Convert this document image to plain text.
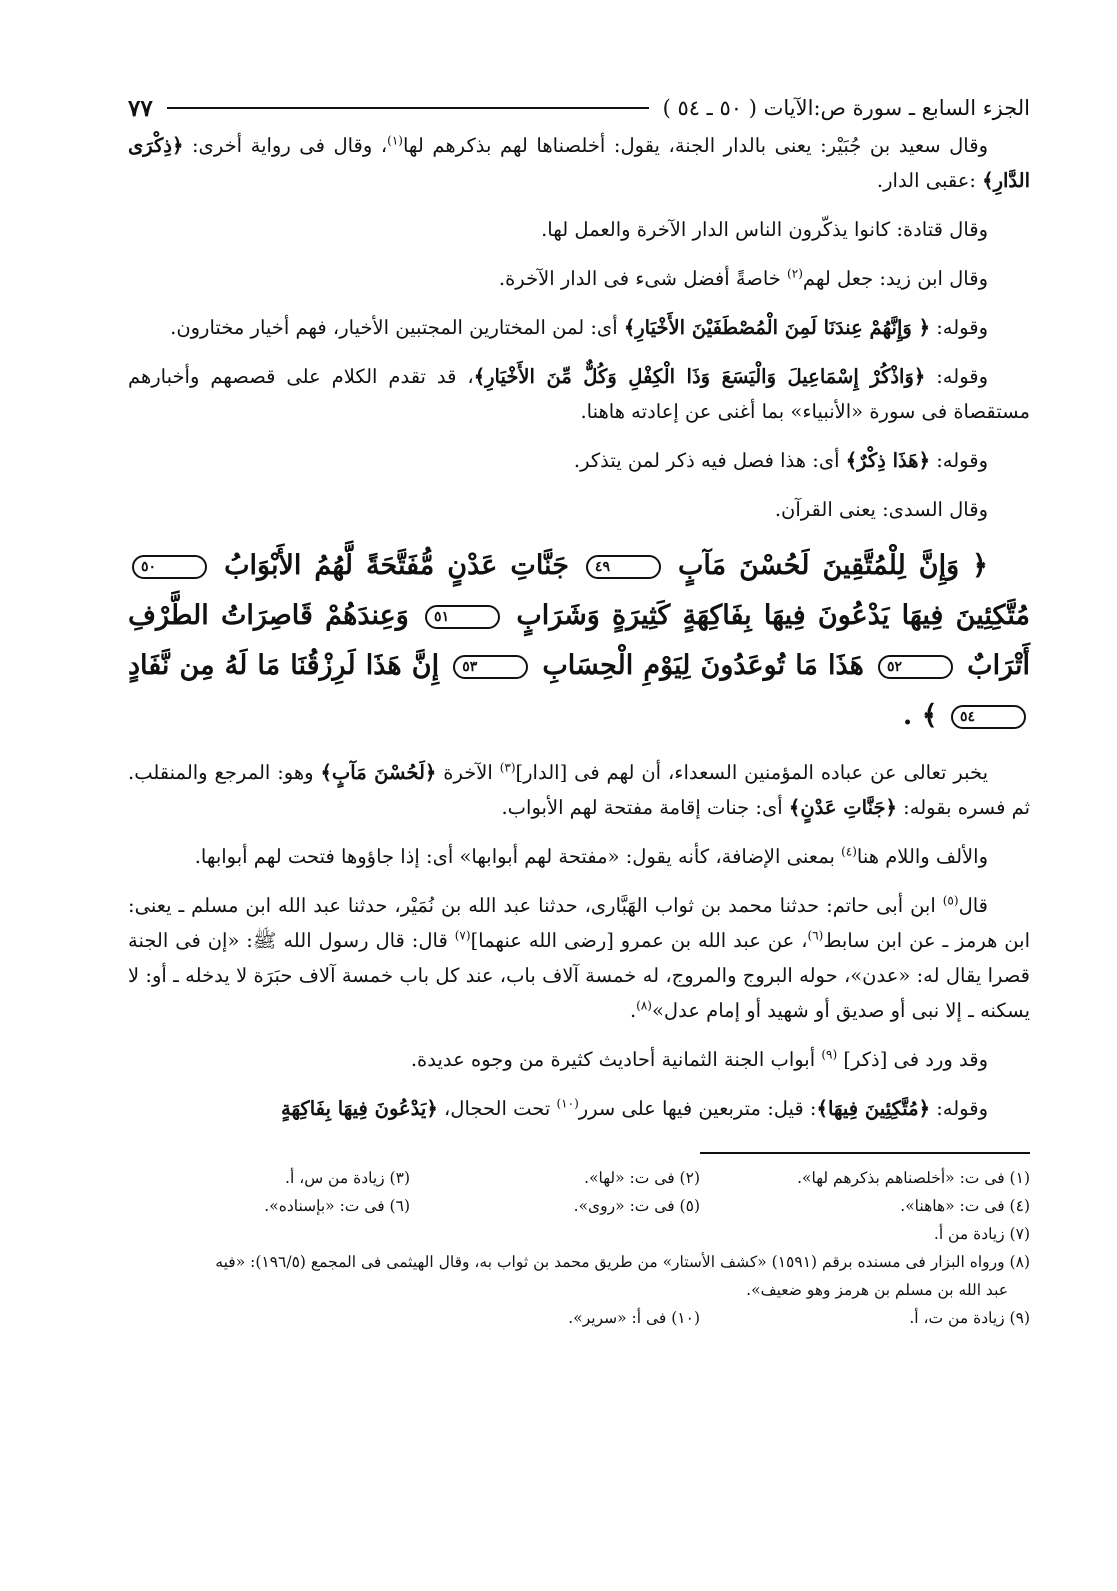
الجزء السابع ـ سورة ص:الآيات ( ٥٠ ـ ٥٤ )
٧٧

وقال سعيد بن جُبَيْر: يعنى بالدار الجنة، يقول: أخلصناها لهم بذكرهم لها$^{(١)}$، وقال فى رواية أخرى: ﴿ذِكْرَى الدَّارِ﴾ :عقبى الدار.

وقال قتادة: كانوا يذكّرون الناس الدار الآخرة والعمل لها.

وقال ابن زيد: جعل لهم$^{(٢)}$ خاصةً أفضل شىء فى الدار الآخرة.

وقوله: ﴿ وَإِنَّهُمْ عِندَنَا لَمِنَ الْمُصْطَفَيْنَ الأَخْيَارِ﴾ أى: لمن المختارين المجتبين الأخيار، فهم أخيار مختارون.

وقوله: ﴿وَاذْكُرْ إِسْمَاعِيلَ وَالْيَسَعَ وَذَا الْكِفْلِ وَكُلٌّ مِّنَ الأَخْيَارِ﴾، قد تقدم الكلام على قصصهم وأخبارهم مستقصاة فى سورة «الأنبياء» بما أغنى عن إعادته هاهنا.

وقوله: ﴿هَذَا ذِكْرٌ﴾ أى: هذا فصل فيه ذكر لمن يتذكر.

وقال السدى: يعنى القرآن.

﴿ وَإِنَّ لِلْمُتَّقِينَ لَحُسْنَ مَآبٍ ٤٩ جَنَّاتِ عَدْنٍ مُّفَتَّحَةً لَّهُمُ الأَبْوَابُ ٥٠ مُتَّكِئِينَ فِيهَا يَدْعُونَ فِيهَا بِفَاكِهَةٍ كَثِيرَةٍ وَشَرَابٍ ٥١ وَعِندَهُمْ قَاصِرَاتُ الطَّرْفِ أَتْرَابٌ ٥٢ هَذَا مَا تُوعَدُونَ لِيَوْمِ الْحِسَابِ ٥٣ إِنَّ هَذَا لَرِزْقُنَا مَا لَهُ مِن نَّفَادٍ ٥٤ ﴾ .

يخبر تعالى عن عباده المؤمنين السعداء، أن لهم فى [الدار]$^{(٣)}$ الآخرة ﴿لَحُسْنَ مَآبٍ﴾ وهو: المرجع والمنقلب. ثم فسره بقوله: ﴿جَنَّاتِ عَدْنٍ﴾ أى: جنات إقامة مفتحة لهم الأبواب.

والألف واللام هنا$^{(٤)}$ بمعنى الإضافة، كأنه يقول: «مفتحة لهم أبوابها» أى: إذا جاؤوها فتحت لهم أبوابها.

قال$^{(٥)}$ ابن أبى حاتم: حدثنا محمد بن ثواب الهَبَّارى، حدثنا عبد الله بن نُمَيْر، حدثنا عبد الله ابن مسلم ـ يعنى: ابن هرمز ـ عن ابن سابط$^{(٦)}$، عن عبد الله بن عمرو [رضى الله عنهما]$^{(٧)}$ قال: قال رسول الله ﷺ: «إن فى الجنة قصرا يقال له: «عدن»، حوله البروج والمروج، له خمسة آلاف باب، عند كل باب خمسة آلاف حبَرَة لا يدخله ـ أو: لا يسكنه ـ إلا نبى أو صديق أو شهيد أو إمام عدل»$^{(٨)}$.

وقد ورد فى [ذكر] $^{(٩)}$ أبواب الجنة الثمانية أحاديث كثيرة من وجوه عديدة.

وقوله: ﴿مُتَّكِئِينَ فِيهَا﴾: قيل: متربعين فيها على سرر$^{(١٠)}$ تحت الحجال، ﴿يَدْعُونَ فِيهَا بِفَاكِهَةٍ

(١) فى ت: «أخلصناهم بذكرهم لها».
(٢) فى ت: «لها».
(٣) زيادة من س، أ.
(٤) فى ت: «هاهنا».
(٥) فى ت: «روى».
(٦) فى ت: «بإسناده».
(٧) زيادة من أ.
(٨) ورواه البزار فى مسنده برقم (١٥٩١) «كشف الأستار» من طريق محمد بن ثواب به، وقال الهيثمى فى المجمع (١٩٦/٥): «فيه
عبد الله بن مسلم بن هرمز وهو ضعيف».
(٩) زيادة من ت، أ.
(١٠) فى أ: «سرير».
